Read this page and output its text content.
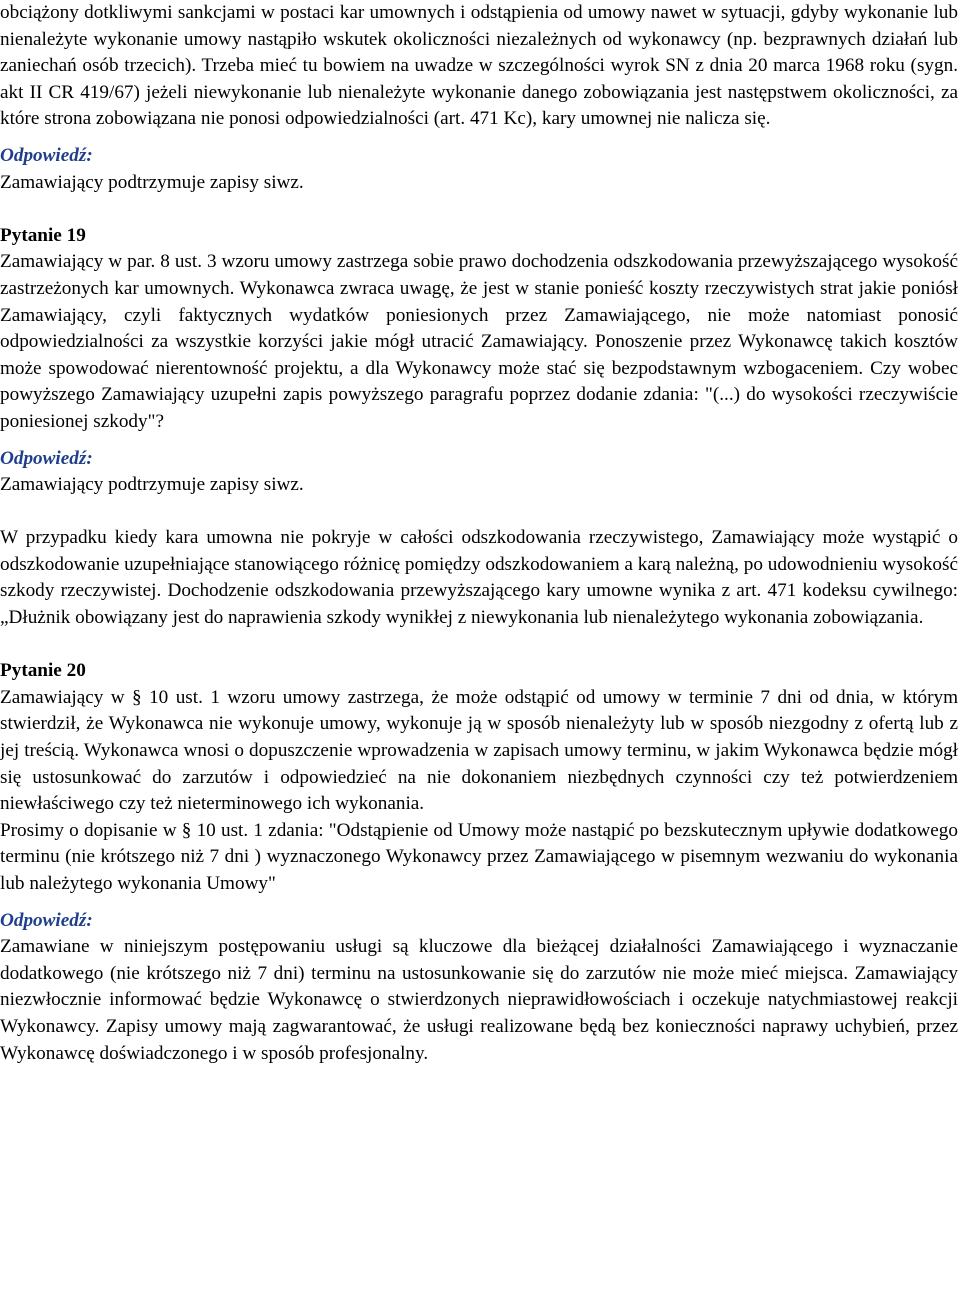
obciążony dotkliwymi sankcjami w postaci kar umownych i odstąpienia od umowy nawet w sytuacji, gdyby wykonanie lub nienależyte wykonanie umowy nastąpiło wskutek okoliczności niezależnych od wykonawcy (np. bezprawnych działań lub zaniechań osób trzecich). Trzeba mieć tu bowiem na uwadze w szczególności wyrok SN z dnia 20 marca 1968 roku (sygn. akt II CR 419/67) jeżeli niewykonanie lub nienależyte wykonanie danego zobowiązania jest następstwem okoliczności, za które strona zobowiązana nie ponosi odpowiedzialności (art. 471 Kc), kary umownej nie nalicza się.

Odpowiedź:

Zamawiający podtrzymuje zapisy siwz.

Pytanie 19

Zamawiający w par. 8 ust. 3 wzoru umowy zastrzega sobie prawo dochodzenia odszkodowania przewyższającego wysokość zastrzeżonych kar umownych. Wykonawca zwraca uwagę, że jest w stanie ponieść koszty rzeczywistych strat jakie poniósł Zamawiający, czyli faktycznych wydatków poniesionych przez Zamawiającego, nie może natomiast ponosić odpowiedzialności za wszystkie korzyści jakie mógł utracić Zamawiający. Ponoszenie przez Wykonawcę takich kosztów może spowodować nierentowność projektu, a dla Wykonawcy może stać się bezpodstawnym wzbogaceniem. Czy wobec powyższego Zamawiający uzupełni zapis powyższego paragrafu poprzez dodanie zdania: "(...) do wysokości rzeczywiście poniesionej szkody"?

Odpowiedź:

Zamawiający podtrzymuje zapisy siwz.

W przypadku kiedy kara umowna nie pokryje w całości odszkodowania rzeczywistego, Zamawiający może wystąpić o odszkodowanie uzupełniające stanowiącego różnicę pomiędzy odszkodowaniem a karą należną, po udowodnieniu wysokość szkody rzeczywistej. Dochodzenie odszkodowania przewyższającego kary umowne wynika z art. 471 kodeksu cywilnego: „Dłużnik obowiązany jest do naprawienia szkody wynikłej z niewykonania lub nienależytego wykonania zobowiązania.

Pytanie 20

Zamawiający w § 10 ust. 1 wzoru umowy zastrzega, że może odstąpić od umowy w terminie 7 dni od dnia, w którym stwierdził, że Wykonawca nie wykonuje umowy, wykonuje ją w sposób nienależyty lub w sposób niezgodny z ofertą lub z jej treścią. Wykonawca wnosi o dopuszczenie wprowadzenia w zapisach umowy terminu, w jakim Wykonawca będzie mógł się ustosunkować do zarzutów i odpowiedzieć na nie dokonaniem niezbędnych czynności czy też potwierdzeniem niewłaściwego czy też nieterminowego ich wykonania.

Prosimy o dopisanie w § 10 ust. 1 zdania: "Odstąpienie od Umowy może nastąpić po bezskutecznym upływie dodatkowego terminu (nie krótszego niż 7 dni ) wyznaczonego Wykonawcy przez Zamawiającego w pisemnym wezwaniu do wykonania lub należytego wykonania Umowy"

Odpowiedź:

Zamawiane w niniejszym postępowaniu usługi są kluczowe dla bieżącej działalności Zamawiającego i wyznaczanie dodatkowego (nie krótszego niż 7 dni) terminu na ustosunkowanie się do zarzutów nie może mieć miejsca. Zamawiający niezwłocznie informować będzie Wykonawcę o stwierdzonych nieprawidłowościach i oczekuje natychmiastowej reakcji Wykonawcy. Zapisy umowy mają zagwarantować, że usługi realizowane będą bez konieczności naprawy uchybień, przez Wykonawcę doświadczonego i w sposób profesjonalny.
